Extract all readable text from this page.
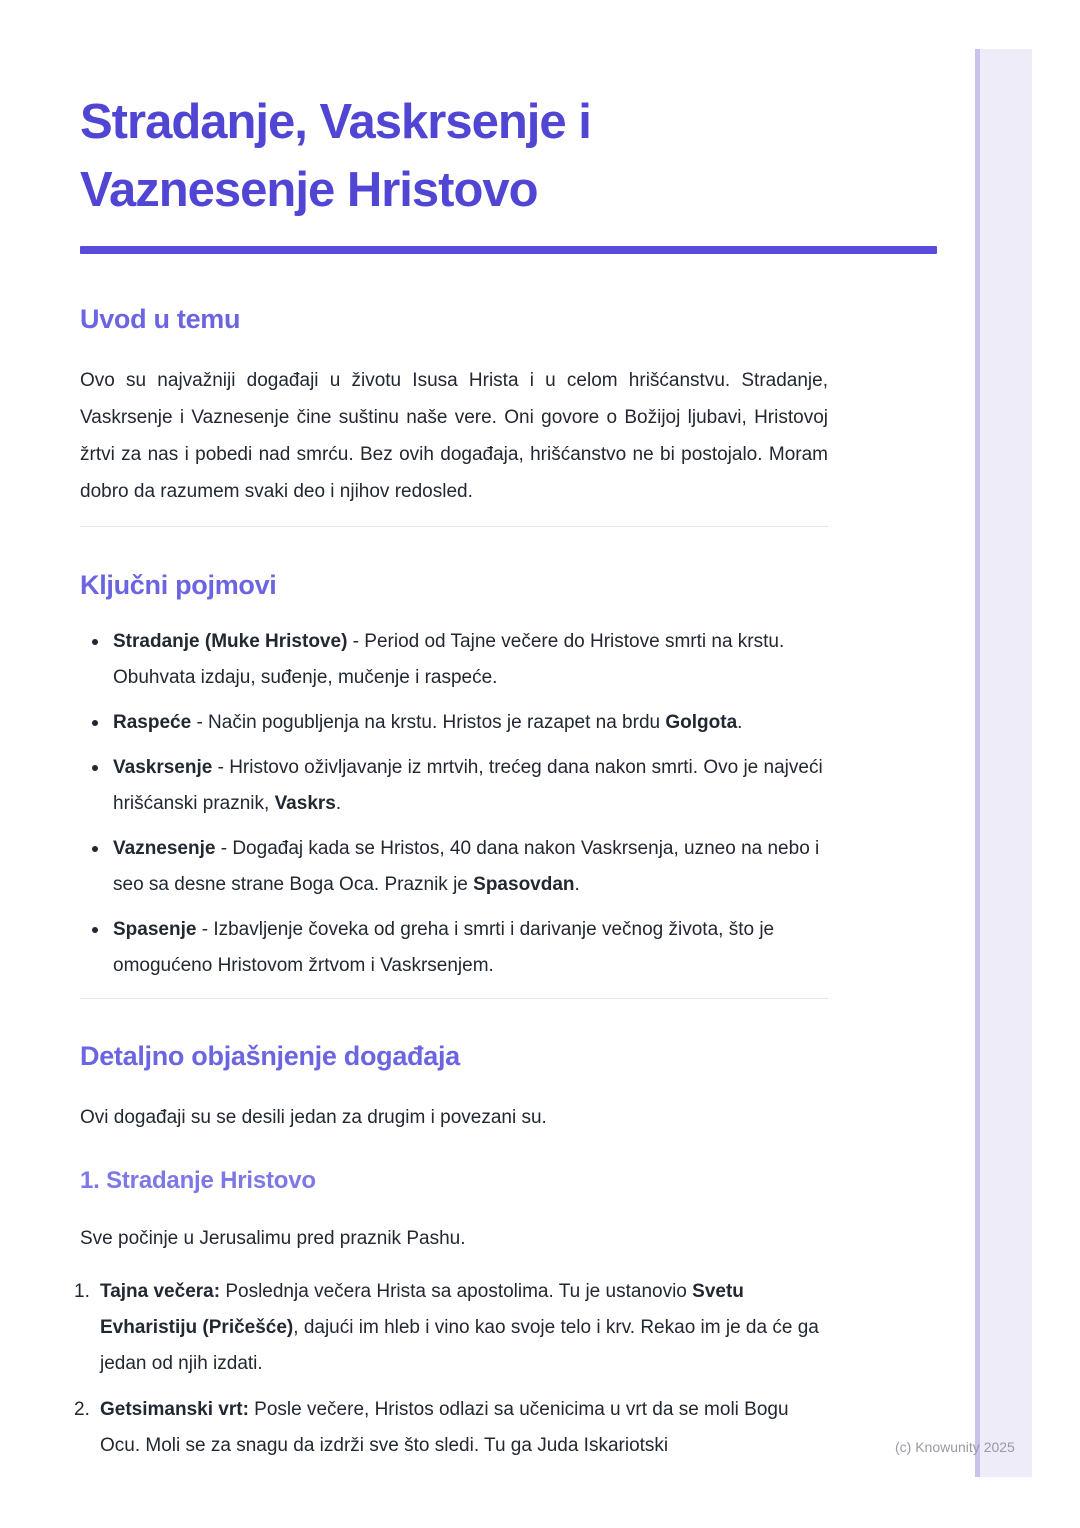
Stradanje, Vaskrsenje i
Vaznesenje Hristovo
Uvod u temu

Ovo su najvažniji događaji u životu Isusa Hrista i u celom hrišćanstvu. Stradanje, Vaskrsenje i Vaznesenje čine suštinu naše vere. Oni govore o Božijoj ljubavi, Hristovoj žrtvi za nas i pobedi nad smrću. Bez ovih događaja, hrišćanstvo ne bi postojalo. Moram dobro da razumem svaki deo i njihov redosled.

Ključni pojmovi
Stradanje (Muke Hristove) - Period od Tajne večere do Hristove smrti na krstu. Obuhvata izdaju, suđenje, mučenje i raspeće.
Raspeće - Način pogubljenja na krstu. Hristos je razapet na brdu Golgota.
Vaskrsenje - Hristovo oživljavanje iz mrtvih, trećeg dana nakon smrti. Ovo je najveći hrišćanski praznik, Vaskrs.
Vaznesenje - Događaj kada se Hristos, 40 dana nakon Vaskrsenja, uzneo na nebo i seo sa desne strane Boga Oca. Praznik je Spasovdan.
Spasenje - Izbavljenje čoveka od greha i smrti i darivanje večnog života, što je omogućeno Hristovom žrtvom i Vaskrsenjem.
Detaljno objašnjenje događaja

Ovi događaji su se desili jedan za drugim i povezani su.

1. Stradanje Hristovo

Sve počinje u Jerusalimu pred praznik Pashu.

Tajna večera: Poslednja večera Hrista sa apostolima. Tu je ustanovio Svetu Evharistiju (Pričešće), dajući im hleb i vino kao svoje telo i krv. Rekao im je da će ga jedan od njih izdati.
Getsimanski vrt: Posle večere, Hristos odlazi sa učenicima u vrt da se moli Bogu Ocu. Moli se za snagu da izdrži sve što sledi. Tu ga Juda Iskariotski	(c) Knowunity 2025
